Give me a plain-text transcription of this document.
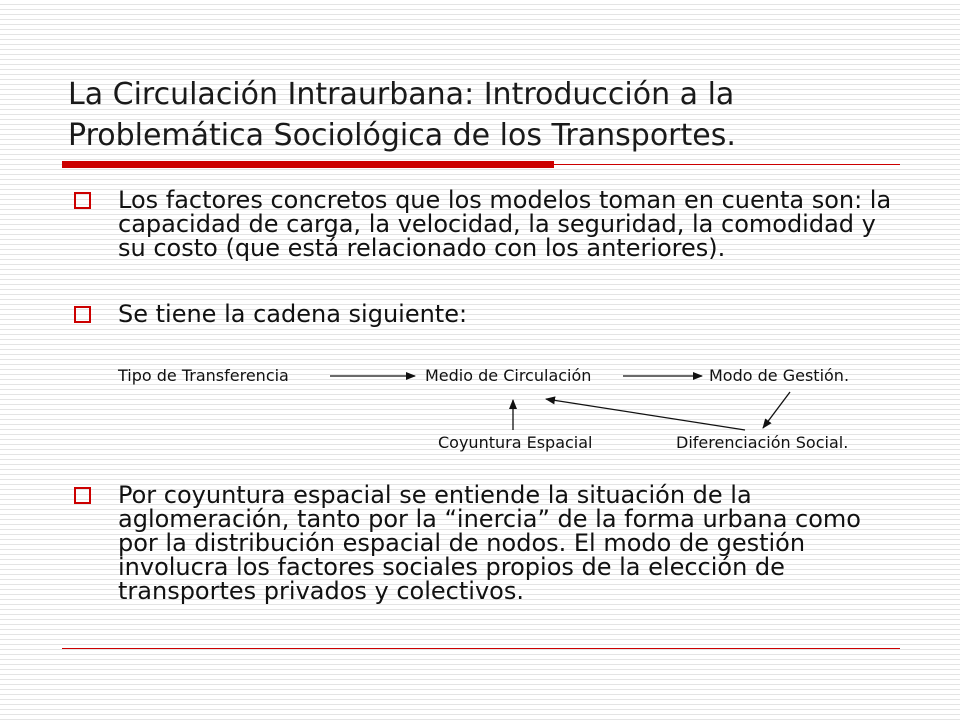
La Circulación Intraurbana: Introducción a la Problemática Sociológica de los Transportes.
Los factores concretos que los modelos toman en cuenta son: la capacidad de carga, la velocidad, la seguridad, la comodidad y su costo (que está relacionado con los anteriores).
Se tiene la cadena siguiente:
Tipo de Transferencia	Medio de Circulación	Modo de Gestión.
Coyuntura Espacial	Diferenciación Social.
Por coyuntura espacial se entiende la situación de la aglomeración, tanto por la “inercia” de la forma urbana como por la distribución espacial de nodos. El modo de gestión involucra los factores sociales propios de la elección de transportes privados y colectivos.
